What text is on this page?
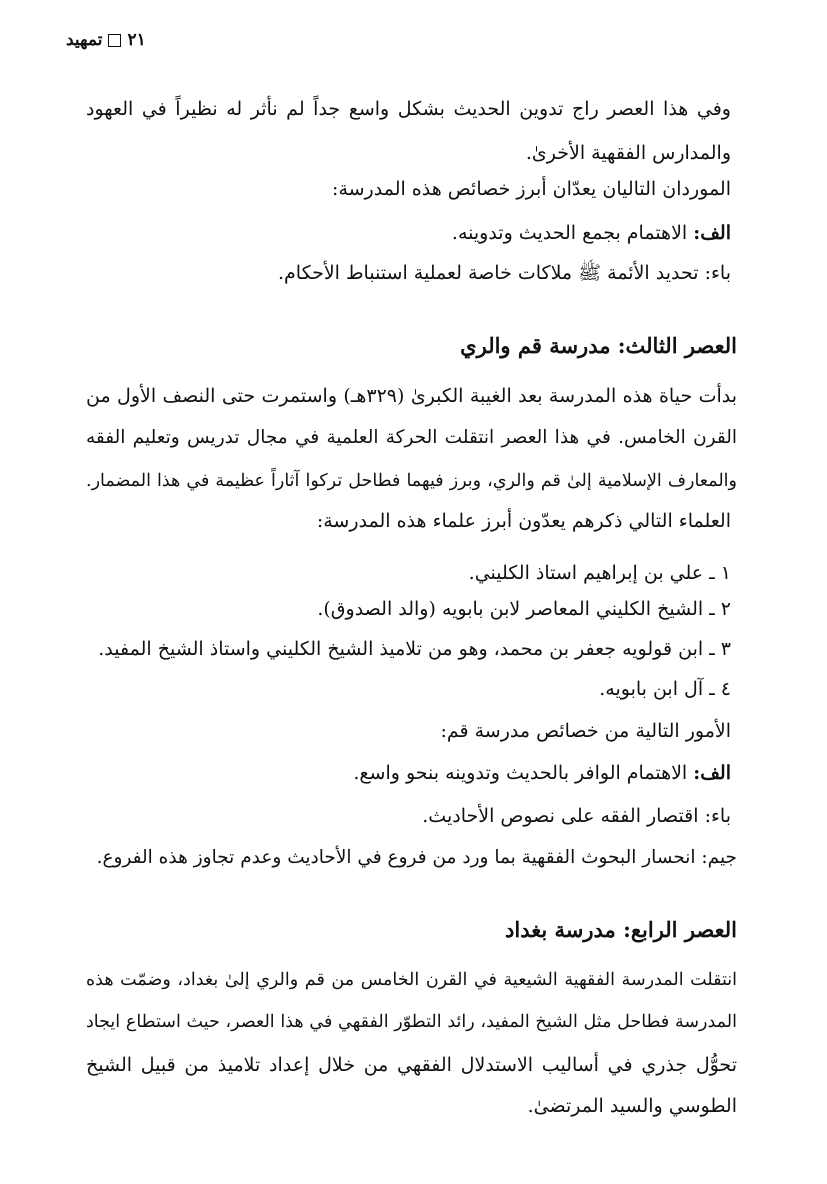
٢١
تمهيد
وفي هذا العصر راج تدوين الحديث بشكل واسع جداً لم نأثر له نظيراً في العهود
والمدارس الفقهية الأخرىٰ.
الموردان التاليان يعدّان أبرز خصائص هذه المدرسة:
الف: الاهتمام بجمع الحديث وتدوينه.
باء: تحديد الأئمة ﷺ ملاكات خاصة لعملية استنباط الأحكام.
العصر الثالث: مدرسة قم والري
بدأت حياة هذه المدرسة بعد الغيبة الكبرىٰ (٣٢٩هـ) واستمرت حتى النصف الأول من
القرن الخامس. في هذا العصر انتقلت الحركة العلمية في مجال تدريس وتعليم الفقه
والمعارف الإسلامية إلىٰ قم والري، وبرز فيهما فطاحل تركوا آثاراً عظيمة في هذا المضمار.
العلماء التالي ذكرهم يعدّون أبرز علماء هذه المدرسة:
١ ـ علي بن إبراهيم استاذ الكليني.
٢ ـ الشيخ الكليني المعاصر لابن بابويه (والد الصدوق).
٣ ـ ابن قولويه جعفر بن محمد، وهو من تلاميذ الشيخ الكليني واستاذ الشيخ المفيد.
٤ ـ آل ابن بابويه.
الأمور التالية من خصائص مدرسة قم:
الف: الاهتمام الوافر بالحديث وتدوينه بنحو واسع.
باء: اقتصار الفقه على نصوص الأحاديث.
جيم: انحسار البحوث الفقهية بما ورد من فروع في الأحاديث وعدم تجاوز هذه الفروع.
العصر الرابع: مدرسة بغداد
انتقلت المدرسة الفقهية الشيعية في القرن الخامس من قم والري إلىٰ بغداد، وضمّت هذه
المدرسة فطاحل مثل الشيخ المفيد، رائد التطوّر الفقهي في هذا العصر، حيث استطاع ايجاد
تحوُّل جذري في أساليب الاستدلال الفقهي من خلال إعداد تلاميذ من قبيل الشيخ
الطوسي والسيد المرتضىٰ.
